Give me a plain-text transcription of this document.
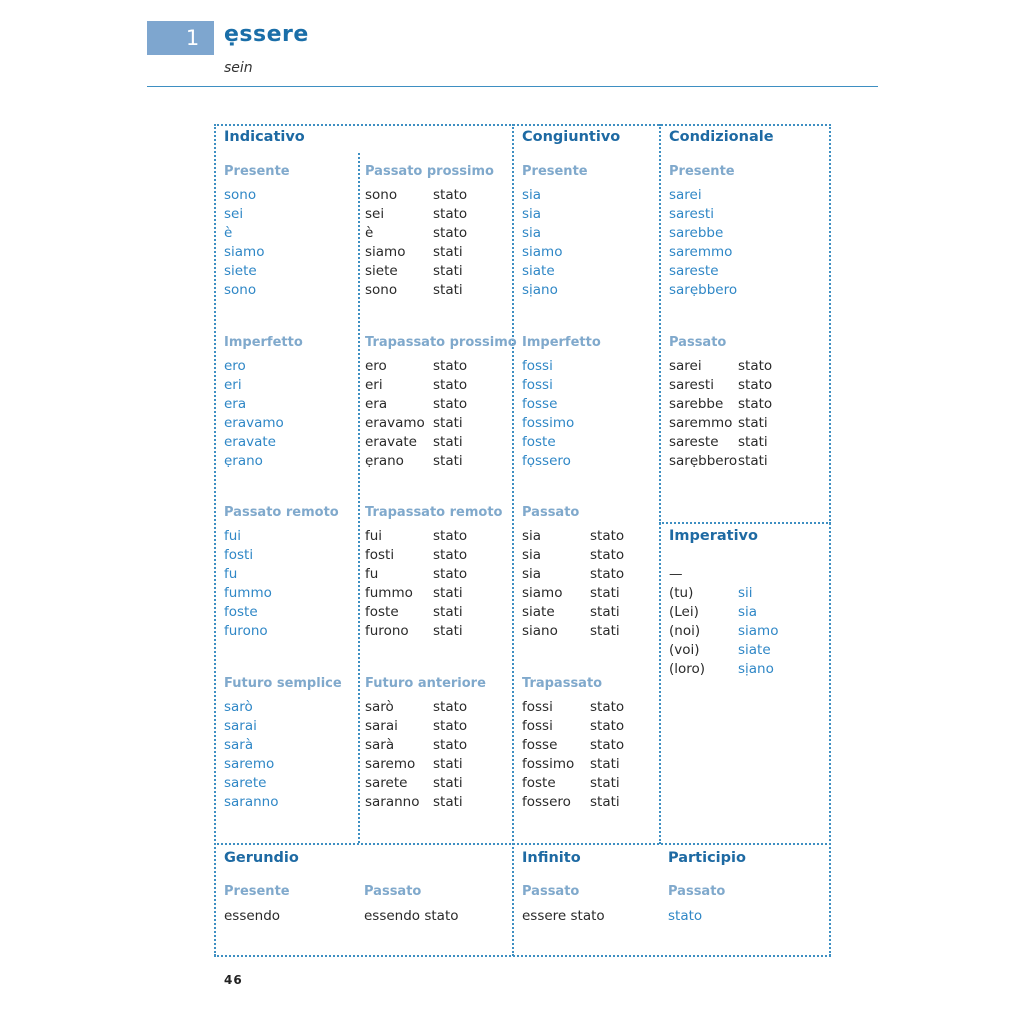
1	ẹssere
sein
Indicativo
Presente
sono
sei
è
siamo
siete
sono
Passato prossimo
sono
sei
è
siamo
siete
sono
stato
stato
stato
stati
stati
stati
Imperfetto
ero
eri
era
eravamo
eravate
ẹrano
Trapassato prossimo
ero
eri
era
eravamo
eravate
ẹrano
stato
stato
stato
stati
stati
stati
Passato remoto
fui
fosti
fu
fummo
foste
furono
Trapassato remoto
fui
fosti
fu
fummo
foste
furono
stato
stato
stato
stati
stati
stati
Futuro semplice
sarò
sarai
sarà
saremo
sarete
saranno
Futuro anteriore
sarò
sarai
sarà
saremo
sarete
saranno
stato
stato
stato
stati
stati
stati
Congiuntivo
Presente
sia
sia
sia
siamo
siate
sịano
Imperfetto
fossi
fossi
fosse
fossimo
foste
fọssero
Passato
sia
sia
sia
siamo
siate
siano
stato
stato
stato
stati
stati
stati
Trapassato
fossi
fossi
fosse
fossimo
foste
fossero
stato
stato
stato
stati
stati
stati
Condizionale
Presente
sarei
saresti
sarebbe
saremmo
sareste
sarẹbbero
Passato
sarei
saresti
sarebbe
saremmo
sareste
sarẹbbero
stato
stato
stato
stati
stati
stati
Imperativo
—
(tu)
(Lei)
(noi)
(voi)
(loro)
sii
sia
siamo
siate
sịano
Gerundio
Presente
essendo
Passato
essendo stato
Infinito
Passato
essere stato
Participio
Passato
stato
46
